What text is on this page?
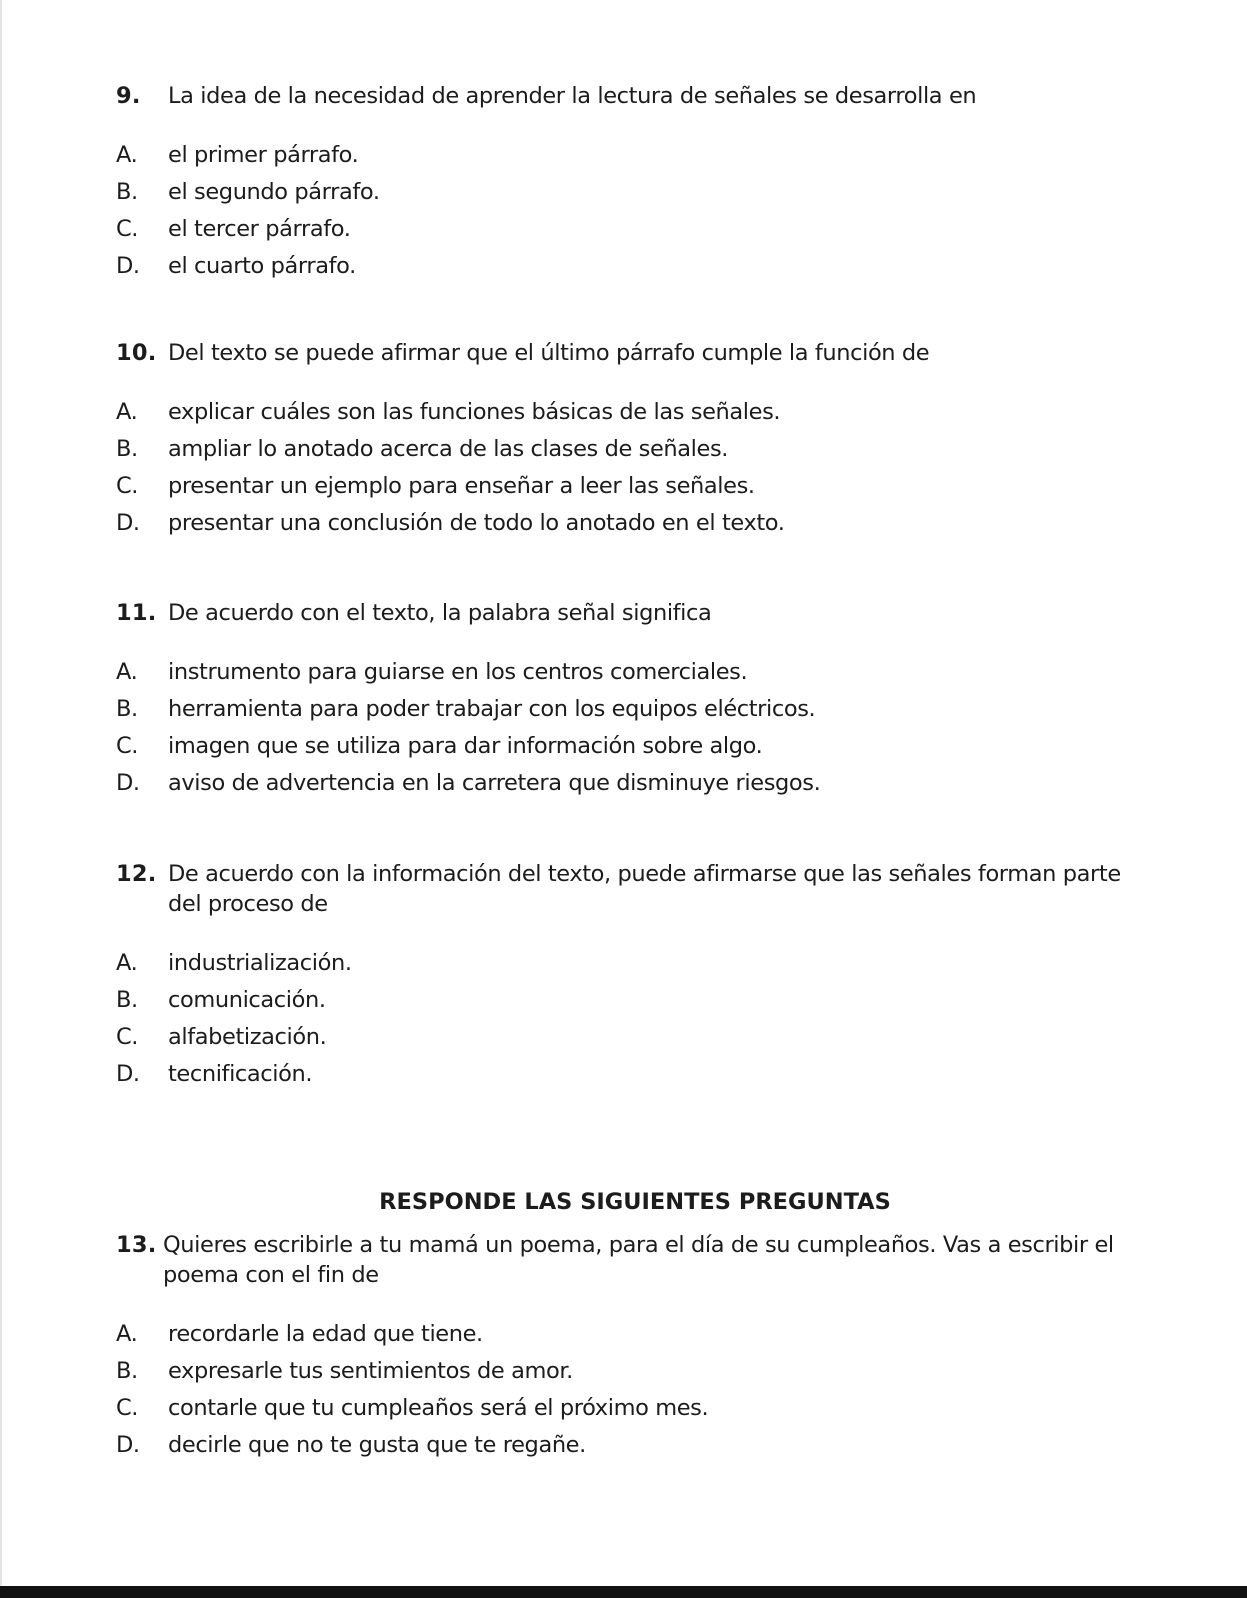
9.	La idea de la necesidad de aprender la lectura de señales se desarrolla en
A.	el primer párrafo.
B.	el segundo párrafo.
C.	el tercer párrafo.
D.	el cuarto párrafo.
10. Del texto se puede afirmar que el último párrafo cumple la función de
A.	explicar cuáles son las funciones básicas de las señales.
B.	ampliar lo anotado acerca de las clases de señales.
C.	presentar un ejemplo para enseñar a leer las señales.
D.	presentar una conclusión de todo lo anotado en el texto.
11. De acuerdo con el texto, la palabra señal significa
A.	instrumento para guiarse en los centros comerciales.
B.	herramienta para poder trabajar con los equipos eléctricos.
C.	imagen que se utiliza para dar información sobre algo.
D.	aviso de advertencia en la carretera que disminuye riesgos.
12. De acuerdo con la información del texto, puede afirmarse que las señales forman parte del proceso de
A.	industrialización.
B.	comunicación.
C.	alfabetización.
D.	tecnificación.
RESPONDE LAS SIGUIENTES PREGUNTAS
13. Quieres escribirle a tu mamá un poema, para el día de su cumpleaños. Vas a escribir el poema con el fin de
A.	recordarle la edad que tiene.
B.	expresarle tus sentimientos de amor.
C.	contarle que tu cumpleaños será el próximo mes.
D.	decirle que no te gusta que te regañe.
